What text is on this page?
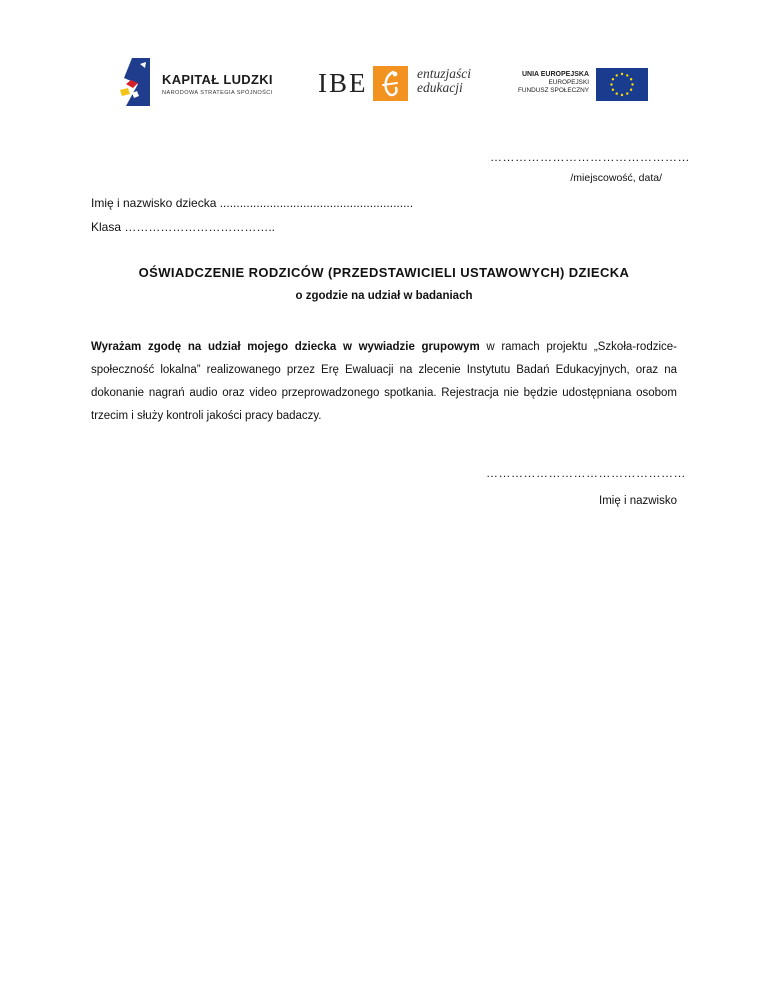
KAPITAŁ LUDZKI
NARODOWA STRATEGIA SPÓJNOŚCI IBE	entuzjaści
edukacji
UNIA EUROPEJSKA
EUROPEJSKI
FUNDUSZ SPOŁECZNY
…………………………………………
/miejscowość, data/
Imię i nazwisko dziecka ..........................................................
Klasa ………………………………..
OŚWIADCZENIE RODZICÓW (PRZEDSTAWICIELI USTAWOWYCH) DZIECKA
o zgodzie na udział w badaniach
Wyrażam zgodę na udział mojego dziecka w wywiadzie grupowym w ramach projektu „Szkoła-rodzice-społeczność lokalna” realizowanego przez Erę Ewaluacji na zlecenie Instytutu Badań Edukacyjnych, oraz na dokonanie nagrań audio oraz video przeprowadzonego spotkania. Rejestracja nie będzie udostępniana osobom trzecim i służy kontroli jakości pracy badaczy.
…………………………………………
Imię i nazwisko
